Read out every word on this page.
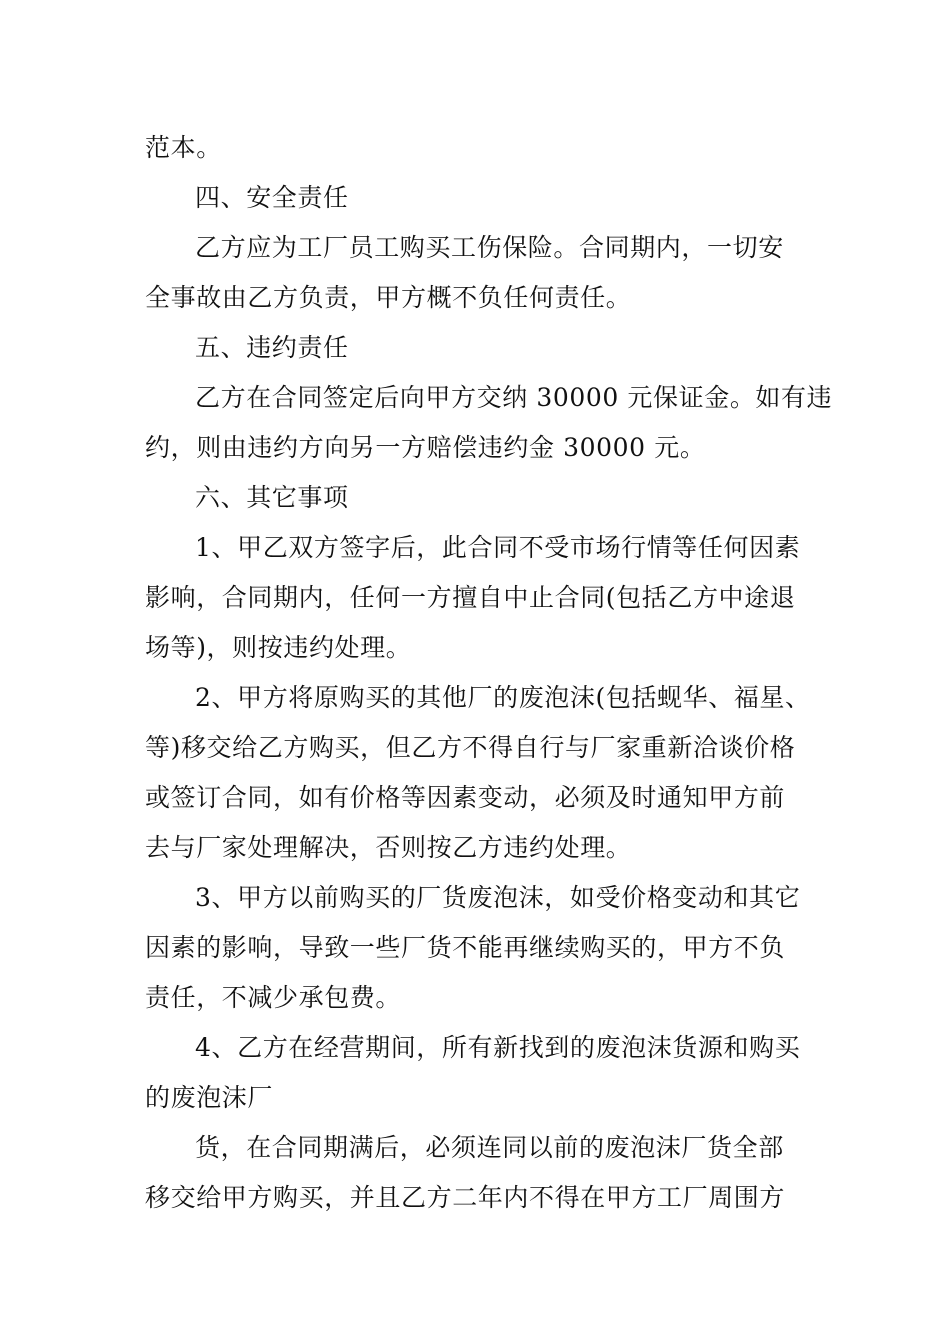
范本。
四、安全责任
乙方应为工厂员工购买工伤保险。合同期内，一切安
全事故由乙方负责，甲方概不负任何责任。
五、违约责任
乙方在合同签定后向甲方交纳 30000 元保证金。如有违
约，则由违约方向另一方赔偿违约金 30000 元。
六、其它事项
1、甲乙双方签字后，此合同不受市场行情等任何因素
影响，合同期内，任何一方擅自中止合同(包括乙方中途退
场等)，则按违约处理。
2、甲方将原购买的其他厂的废泡沫(包括蚬华、福星、
等)移交给乙方购买，但乙方不得自行与厂家重新洽谈价格
或签订合同，如有价格等因素变动，必须及时通知甲方前
去与厂家处理解决，否则按乙方违约处理。
3、甲方以前购买的厂货废泡沫，如受价格变动和其它
因素的影响，导致一些厂货不能再继续购买的，甲方不负
责任，不减少承包费。
4、乙方在经营期间，所有新找到的废泡沫货源和购买
的废泡沫厂
货，在合同期满后，必须连同以前的废泡沫厂货全部
移交给甲方购买，并且乙方二年内不得在甲方工厂周围方
